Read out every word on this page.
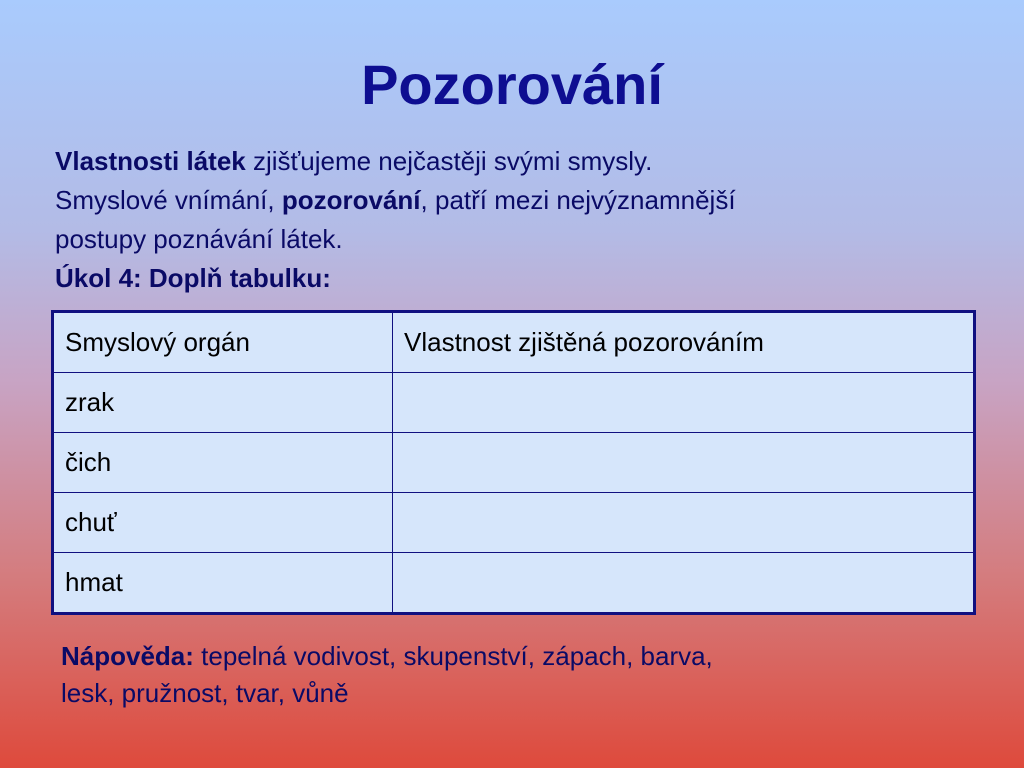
Pozorování
Vlastnosti látek zjišťujeme nejčastěji svými smysly.
Smyslové vnímání, pozorování, patří mezi nejvýznamnější
postupy poznávání látek.
Úkol 4: Doplň tabulku:
Smyslový orgán	Vlastnost zjištěná pozorováním
zrak	
čich	
chuť	
hmat	
Nápověda: tepelná vodivost, skupenství, zápach, barva,
lesk, pružnost, tvar, vůně
